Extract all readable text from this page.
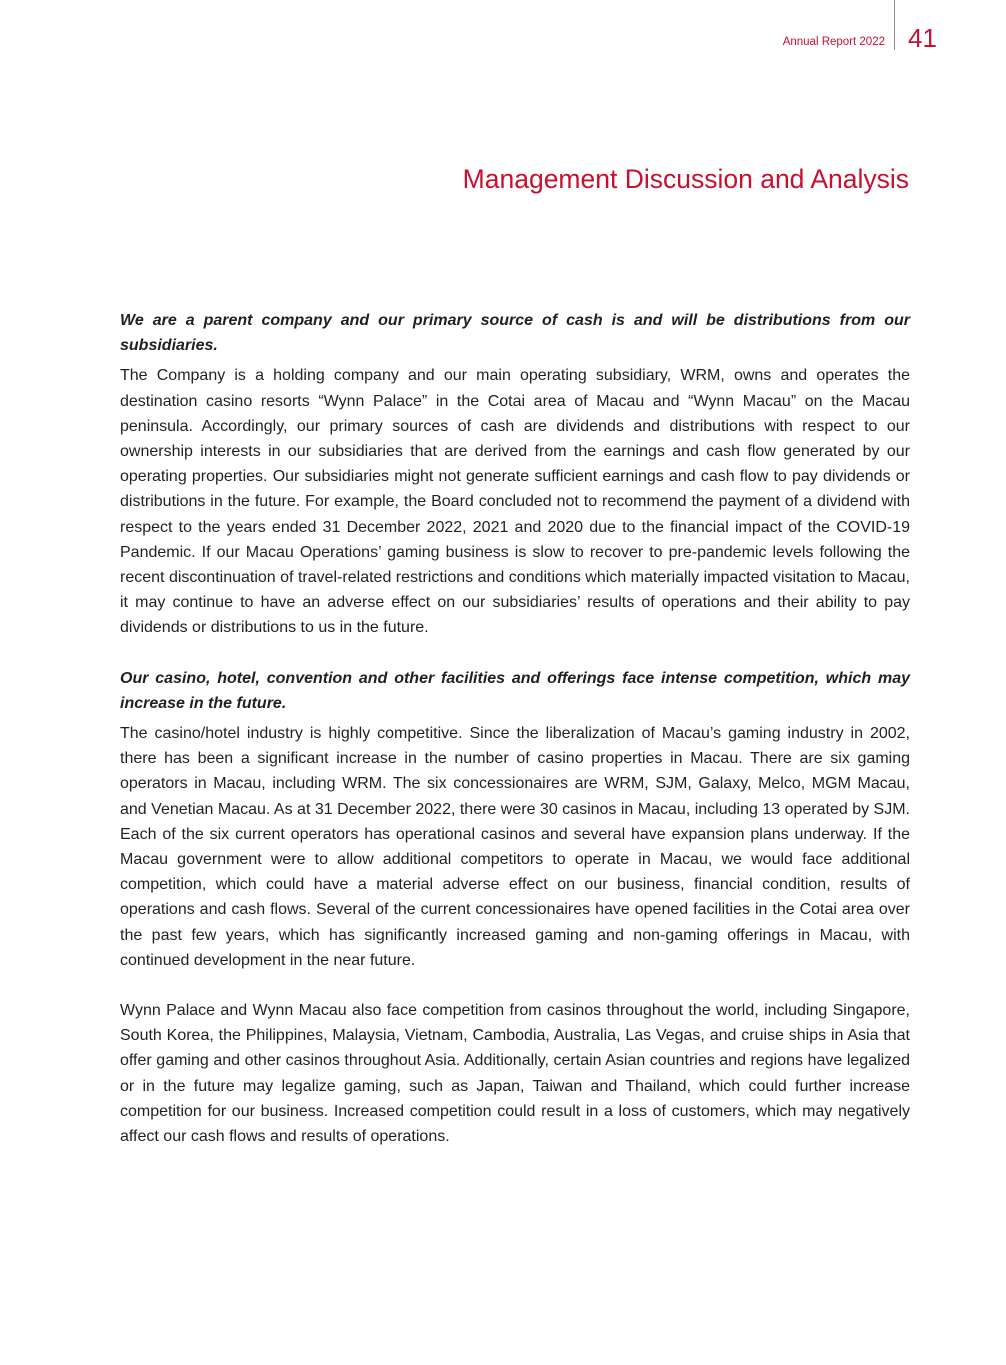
Annual Report 2022 41
Management Discussion and Analysis

We are a parent company and our primary source of cash is and will be distributions from our subsidiaries.

The Company is a holding company and our main operating subsidiary, WRM, owns and operates the destination casino resorts “Wynn Palace” in the Cotai area of Macau and “Wynn Macau” on the Macau peninsula. Accordingly, our primary sources of cash are dividends and distributions with respect to our ownership interests in our subsidiaries that are derived from the earnings and cash flow generated by our operating properties. Our subsidiaries might not generate sufficient earnings and cash flow to pay dividends or distributions in the future. For example, the Board concluded not to recommend the payment of a dividend with respect to the years ended 31 December 2022, 2021 and 2020 due to the financial impact of the COVID-19 Pandemic. If our Macau Operations’ gaming business is slow to recover to pre-pandemic levels following the recent discontinuation of travel-related restrictions and conditions which materially impacted visitation to Macau, it may continue to have an adverse effect on our subsidiaries’ results of operations and their ability to pay dividends or distributions to us in the future.

Our casino, hotel, convention and other facilities and offerings face intense competition, which may increase in the future.

The casino/hotel industry is highly competitive. Since the liberalization of Macau’s gaming industry in 2002, there has been a significant increase in the number of casino properties in Macau. There are six gaming operators in Macau, including WRM. The six concessionaires are WRM, SJM, Galaxy, Melco, MGM Macau, and Venetian Macau. As at 31 December 2022, there were 30 casinos in Macau, including 13 operated by SJM. Each of the six current operators has operational casinos and several have expansion plans underway. If the Macau government were to allow additional competitors to operate in Macau, we would face additional competition, which could have a material adverse effect on our business, financial condition, results of operations and cash flows. Several of the current concessionaires have opened facilities in the Cotai area over the past few years, which has significantly increased gaming and non-gaming offerings in Macau, with continued development in the near future.

Wynn Palace and Wynn Macau also face competition from casinos throughout the world, including Singapore, South Korea, the Philippines, Malaysia, Vietnam, Cambodia, Australia, Las Vegas, and cruise ships in Asia that offer gaming and other casinos throughout Asia. Additionally, certain Asian countries and regions have legalized or in the future may legalize gaming, such as Japan, Taiwan and Thailand, which could further increase competition for our business. Increased competition could result in a loss of customers, which may negatively affect our cash flows and results of operations.
